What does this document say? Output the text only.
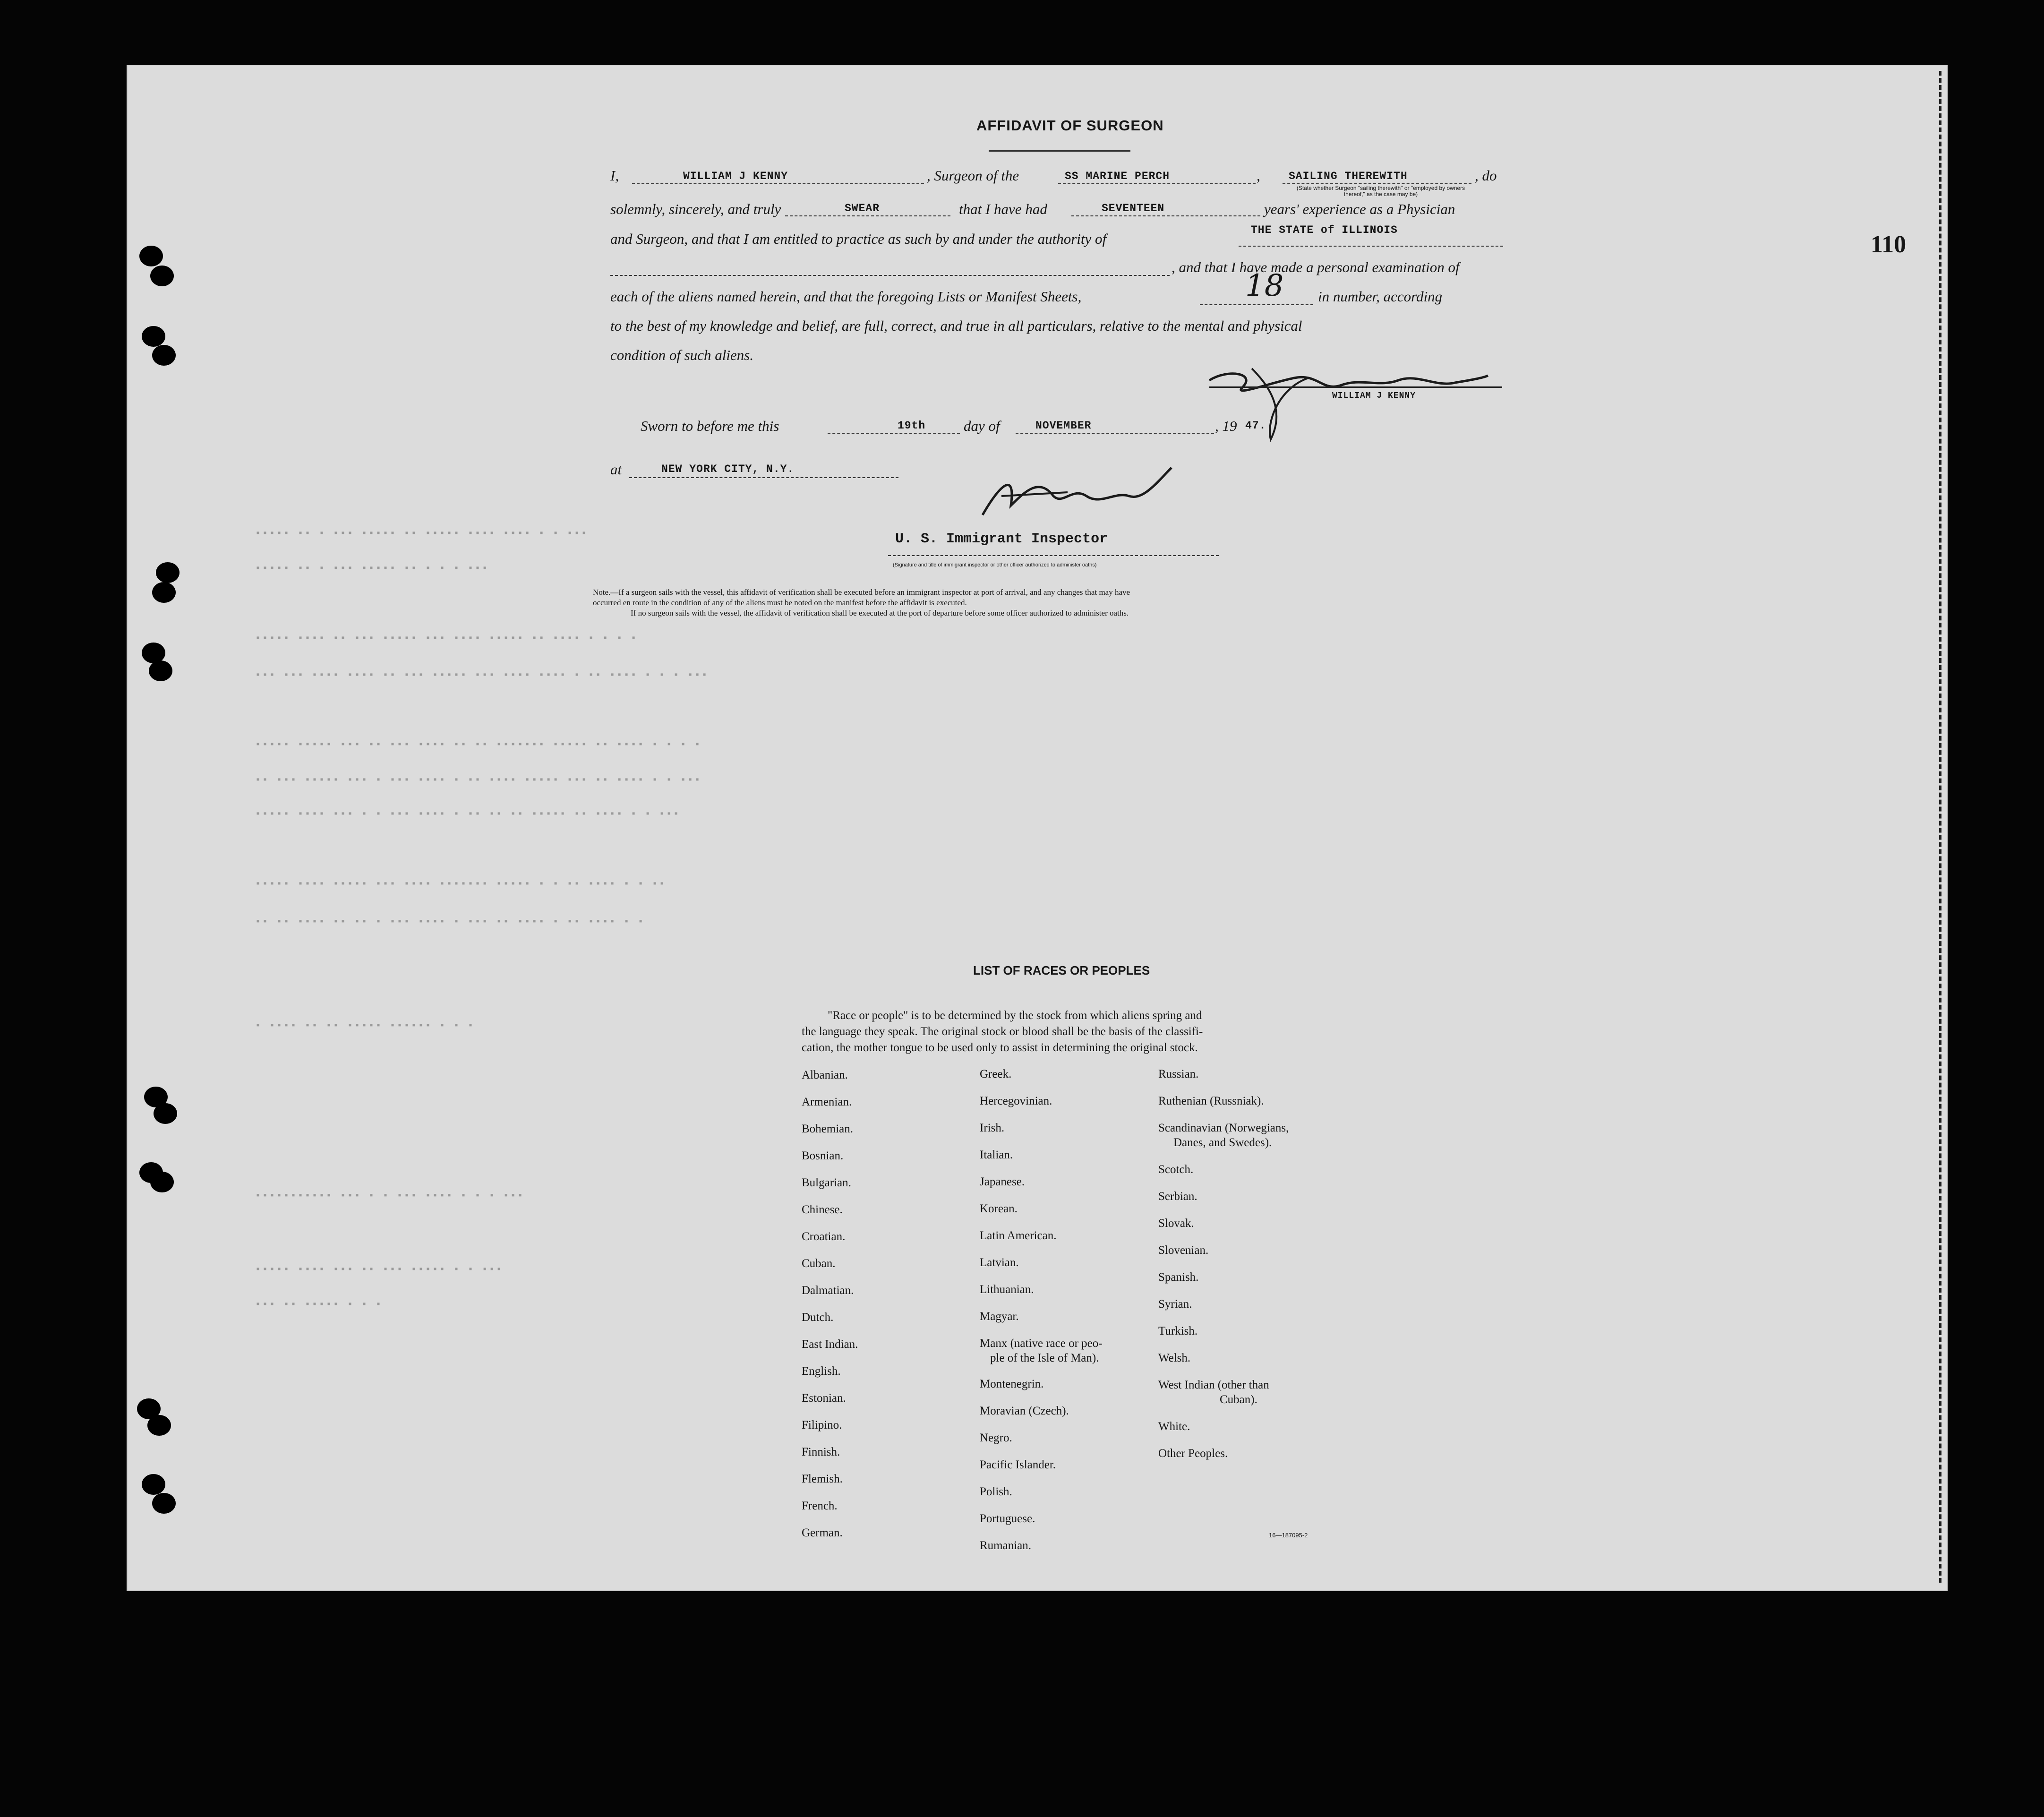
▪▪▪▪▪ ▪▪ ▪ ▪▪▪ ▪▪▪▪▪ ▪▪ ▪▪▪▪▪ ▪▪▪▪ ▪▪▪▪ ▪ ▪ ▪▪▪
▪▪▪▪▪ ▪▪ ▪ ▪▪▪ ▪▪▪▪▪ ▪▪ ▪ ▪ ▪ ▪▪▪
▪▪▪▪▪ ▪▪▪▪ ▪▪ ▪▪▪ ▪▪▪▪▪ ▪▪▪ ▪▪▪▪ ▪▪▪▪▪ ▪▪ ▪▪▪▪ ▪ ▪ ▪ ▪
▪▪▪ ▪▪▪ ▪▪▪▪ ▪▪▪▪ ▪▪ ▪▪▪ ▪▪▪▪▪ ▪▪▪ ▪▪▪▪ ▪▪▪▪ ▪ ▪▪ ▪▪▪▪ ▪ ▪ ▪ ▪▪▪
▪▪▪▪▪ ▪▪▪▪▪ ▪▪▪ ▪▪ ▪▪▪ ▪▪▪▪ ▪▪ ▪▪ ▪▪▪▪▪▪▪ ▪▪▪▪▪ ▪▪ ▪▪▪▪ ▪ ▪ ▪ ▪
▪▪ ▪▪▪ ▪▪▪▪▪ ▪▪▪ ▪ ▪▪▪ ▪▪▪▪ ▪ ▪▪ ▪▪▪▪ ▪▪▪▪▪ ▪▪▪ ▪▪ ▪▪▪▪ ▪ ▪ ▪▪▪
▪▪▪▪▪ ▪▪▪▪ ▪▪▪ ▪ ▪ ▪▪▪ ▪▪▪▪ ▪ ▪▪ ▪▪ ▪▪ ▪▪▪▪▪ ▪▪ ▪▪▪▪ ▪ ▪ ▪▪▪
▪▪▪▪▪ ▪▪▪▪ ▪▪▪▪▪ ▪▪▪ ▪▪▪▪ ▪▪▪▪▪▪▪ ▪▪▪▪▪ ▪ ▪ ▪▪ ▪▪▪▪ ▪ ▪ ▪▪
▪▪ ▪▪ ▪▪▪▪ ▪▪ ▪▪ ▪ ▪▪▪ ▪▪▪▪ ▪ ▪▪▪ ▪▪ ▪▪▪▪ ▪ ▪▪ ▪▪▪▪ ▪ ▪
▪ ▪▪▪▪ ▪▪ ▪▪ ▪▪▪▪▪ ▪▪▪▪▪▪ ▪ ▪ ▪
▪▪▪▪▪▪▪▪▪▪▪ ▪▪▪ ▪ ▪ ▪▪▪ ▪▪▪▪ ▪ ▪ ▪ ▪▪▪
▪▪▪▪▪ ▪▪▪▪ ▪▪▪ ▪▪ ▪▪▪ ▪▪▪▪▪ ▪ ▪ ▪▪▪
▪▪▪ ▪▪ ▪▪▪▪▪ ▪ ▪ ▪
110
AFFIDAVIT OF SURGEON
I,	WILLIAM J KENNY	, Surgeon of the	SS MARINE PERCH	,	SAILING THEREWITH	, do
(State whether Surgeon "sailing therewith" or "employed by owners thereof," as the case may be)
solemnly, sincerely, and truly	SWEAR	that I have had	SEVENTEEN	years' experience as a Physician
and Surgeon, and that I am entitled to practice as such by and under the authority of
THE STATE of ILLINOIS
, and that I have made a personal examination of
each of the aliens named herein, and that the foregoing Lists or Manifest Sheets,	18 in number, according
to the best of my knowledge and belief, are full, correct, and true in all particulars, relative to the mental and physical
condition of such aliens.
WILLIAM J KENNY
Sworn to before me this	19th	day of	NOVEMBER	, 19 47.
at	NEW YORK CITY, N.Y.
U. S. Immigrant Inspector
(Signature and title of immigrant inspector or other officer authorized to administer oaths)
Note.—If a surgeon sails with the vessel, this affidavit of verification shall be executed before an immigrant inspector at port of arrival, and any changes that may have
occurred en route in the condition of any of the aliens must be noted on the manifest before the affidavit is executed.
If no surgeon sails with the vessel, the affidavit of verification shall be executed at the port of departure before some officer authorized to administer oaths.
LIST OF RACES OR PEOPLES
"Race or people" is to be determined by the stock from which aliens spring and
the language they speak. The original stock or blood shall be the basis of the classifi-
cation, the mother tongue to be used only to assist in determining the original stock.
Albanian.
Armenian.
Bohemian.
Bosnian.
Bulgarian.
Chinese.
Croatian.
Cuban.
Dalmatian.
Dutch.
East Indian.
English.
Estonian.
Filipino.
Finnish.
Flemish.
French.
German.
Greek.
Hercegovinian.
Irish.
Italian.
Japanese.
Korean.
Latin American.
Latvian.
Lithuanian.
Magyar.
Manx (native race or peo-
ple of the Isle of Man).
Montenegrin.
Moravian (Czech).
Negro.
Pacific Islander.
Polish.
Portuguese.
Rumanian.
Russian.
Ruthenian (Russniak).
Scandinavian (Norwegians,
Danes, and Swedes).
Scotch.
Serbian.
Slovak.
Slovenian.
Spanish.
Syrian.
Turkish.
Welsh.
West Indian (other than
Cuban).
White.
Other Peoples.
16—187095-2
